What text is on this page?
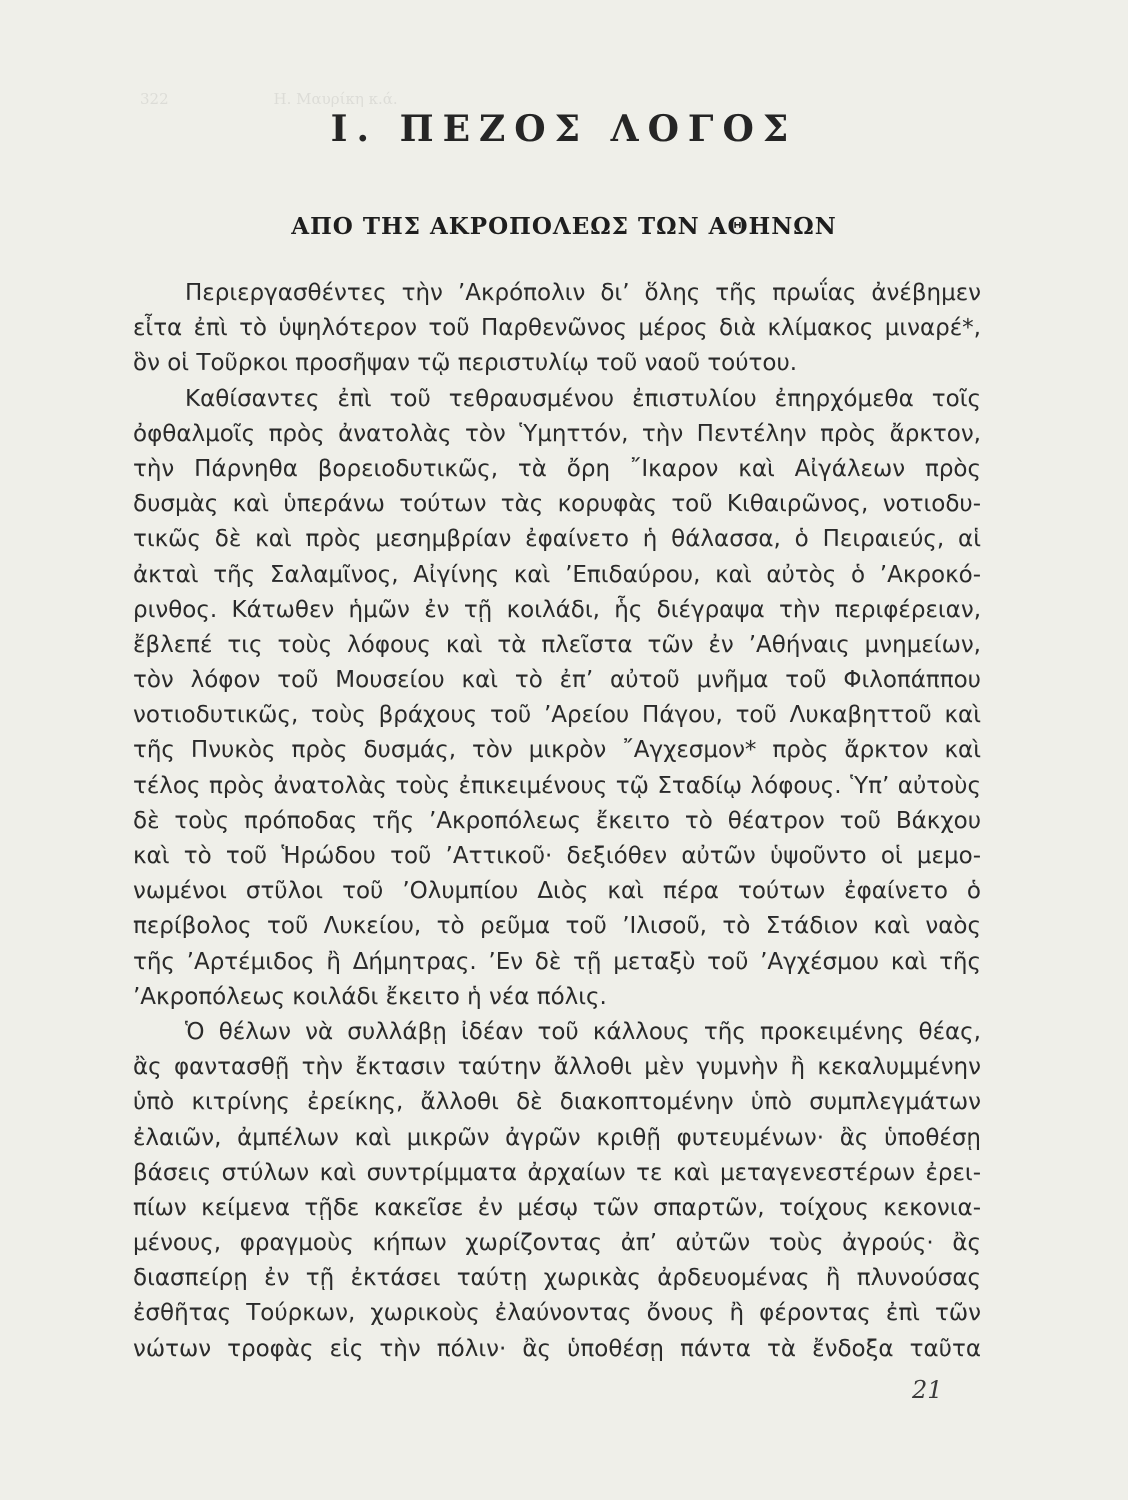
322                      Η. Μαυρίκη κ.ά.
Ι. ΠΕΖΟΣ ΛΟΓΟΣ
ΑΠΟ ΤΗΣ ΑΚΡΟΠΟΛΕΩΣ ΤΩΝ ΑΘΗΝΩΝ
Περιεργασθέντες τὴν ’Ακρόπολιν δι’ ὅλης τῆς πρωΐας ἀνέβημεν
εἶτα ἐπὶ τὸ ὑψηλότερον τοῦ Παρθενῶνος μέρος διὰ κλίμακος μιναρέ*,
ὃν οἱ Τοῦρκοι προσῆψαν τῷ περιστυλίῳ τοῦ ναοῦ τούτου.
Καθίσαντες ἐπὶ τοῦ τεθραυσμένου ἐπιστυλίου ἐπηρχόμεθα τοῖς
ὀφθαλμοῖς πρὸς ἀνατολὰς τὸν Ὑμηττόν, τὴν Πεντέλην πρὸς ἄρκτον,
τὴν Πάρνηθα βορειοδυτικῶς, τὰ ὄρη ῎Ικαρον καὶ Αἰγάλεων πρὸς
δυσμὰς καὶ ὑπεράνω τούτων τὰς κορυφὰς τοῦ Κιθαιρῶνος, νοτιοδυ-
τικῶς δὲ καὶ πρὸς μεσημβρίαν ἐφαίνετο ἡ θάλασσα, ὁ Πειραιεύς, αἱ
ἀκταὶ τῆς Σαλαμῖνος, Αἰγίνης καὶ ’Επιδαύρου, καὶ αὐτὸς ὁ ’Ακροκό-
ρινθος. Κάτωθεν ἡμῶν ἐν τῇ κοιλάδι, ἧς διέγραψα τὴν περιφέρειαν,
ἔβλεπέ τις τοὺς λόφους καὶ τὰ πλεῖστα τῶν ἐν ’Αθήναις μνημείων,
τὸν λόφον τοῦ Μουσείου καὶ τὸ ἐπ’ αὐτοῦ μνῆμα τοῦ Φιλοπάππου
νοτιοδυτικῶς, τοὺς βράχους τοῦ ’Αρείου Πάγου, τοῦ Λυκαβηττοῦ καὶ
τῆς Πνυκὸς πρὸς δυσμάς, τὸν μικρὸν ῎Αγχεσμον* πρὸς ἄρκτον καὶ
τέλος πρὸς ἀνατολὰς τοὺς ἐπικειμένους τῷ Σταδίῳ λόφους. Ὑπ’ αὐτοὺς
δὲ τοὺς πρόποδας τῆς ’Ακροπόλεως ἔκειτο τὸ θέατρον τοῦ Βάκχου
καὶ τὸ τοῦ Ἡρώδου τοῦ ’Αττικοῦ· δεξιόθεν αὐτῶν ὑψοῦντο οἱ μεμο-
νωμένοι στῦλοι τοῦ ’Ολυμπίου Διὸς καὶ πέρα τούτων ἐφαίνετο ὁ
περίβολος τοῦ Λυκείου, τὸ ρεῦμα τοῦ ’Ιλισοῦ, τὸ Στάδιον καὶ ναὸς
τῆς ’Αρτέμιδος ἢ Δήμητρας. ’Εν δὲ τῇ μεταξὺ τοῦ ’Αγχέσμου καὶ τῆς
’Ακροπόλεως κοιλάδι ἔκειτο ἡ νέα πόλις.
Ὁ θέλων νὰ συλλάβῃ ἰδέαν τοῦ κάλλους τῆς προκειμένης θέας,
ἂς φαντασθῇ τὴν ἔκτασιν ταύτην ἄλλοθι μὲν γυμνὴν ἢ κεκαλυμμένην
ὑπὸ κιτρίνης ἐρείκης, ἄλλοθι δὲ διακοπτομένην ὑπὸ συμπλεγμάτων
ἐλαιῶν, ἀμπέλων καὶ μικρῶν ἀγρῶν κριθῇ φυτευμένων· ἂς ὑποθέσῃ
βάσεις στύλων καὶ συντρίμματα ἀρχαίων τε καὶ μεταγενεστέρων ἐρει-
πίων κείμενα τῇδε κακεῖσε ἐν μέσῳ τῶν σπαρτῶν, τοίχους κεκονια-
μένους, φραγμοὺς κήπων χωρίζοντας ἀπ’ αὐτῶν τοὺς ἀγρούς· ἂς
διασπείρῃ ἐν τῇ ἐκτάσει ταύτῃ χωρικὰς ἀρδευομένας ἢ πλυνούσας
ἐσθῆτας Τούρκων, χωρικοὺς ἐλαύνοντας ὄνους ἢ φέροντας ἐπὶ τῶν
νώτων τροφὰς εἰς τὴν πόλιν· ἂς ὑποθέσῃ πάντα τὰ ἔνδοξα ταῦτα
21
